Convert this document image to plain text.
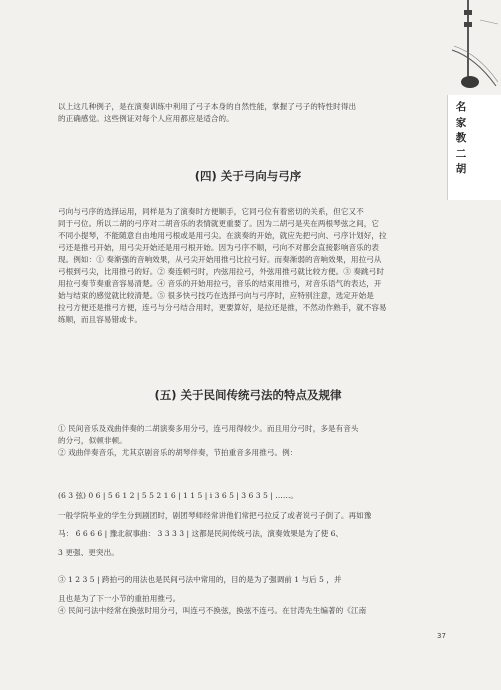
名家教二胡
以上这几种例子，是在演奏训练中利用了弓子本身的自然性能，掌握了弓子的特性时得出
的正确感觉。这些例证对每个人应用都应是适合的。
(四) 关于弓向与弓序
弓向与弓序的选择运用，同样是为了演奏时方便顺手，它同弓位有着密切的关系，但它又不
同于弓位。所以二胡的弓序对二胡音乐的表情就更重要了。因为二胡弓是夹在两根琴弦之间，它
不同小提琴，不能随意自由地用弓根或是用弓尖。在演奏的开始，就应先把弓向、弓序计划好，拉
弓还是推弓开始，用弓尖开始还是用弓根开始。因为弓序不顺，弓向不对都会直接影响音乐的表
现。例如：① 奏渐强的音响效果，从弓尖开始用推弓比拉弓好。而奏渐弱的音响效果，用拉弓从
弓根到弓尖，比用推弓的好。② 奏连顿弓时，内弦用拉弓，外弦用推弓就比较方便。③ 奏跳弓时
用拉弓奏节奏重音容易清楚。④ 音乐的开始用拉弓，音乐的结束用推弓，对音乐语气的表达，开
始与结束的感觉就比较清楚。⑤ 很多快弓技巧在选择弓向与弓序时，应特别注意，选定开始是
拉弓方便还是推弓方便，连弓与分弓结合用时，更要算好，是拉还是推，不然动作熟手，就不容易
练顺，而且容易错或卡。
(五) 关于民间传统弓法的特点及规律
① 民间音乐及戏曲伴奏的二胡演奏多用分弓，连弓用得较少。而且用分弓时，多是有音头
的分弓，似顿非顿。
② 戏曲伴奏音乐，尤其京剧音乐的胡琴伴奏，节拍重音多用推弓。例：
(6 3 弦) 0 6 | 5 6 1 2 | 5 5 2 1 6 | 1 1 5 | i 3 6 5 | 3 6 3 5 | ……。
一般学院毕业的学生分到剧团时，剧团琴师经常讲他们常把弓拉反了或者说弓子倒了。再如豫
马： 6̇ 6 6 6 | 豫北叙事曲： 3 3 3 3 | 这都是民间传统弓法，演奏效果是为了使 6、
3 更强、更突出。
③ 1 2 3 5 | 跨拍弓的用法也是民间弓法中常用的，目的是为了强调前 1 与后 5 ，并
且也是为了下一小节的重拍用推弓。
④ 民间弓法中经常在换弦时用分弓，叫连弓不换弦，换弦不连弓。在甘涛先生编著的《江南
37
